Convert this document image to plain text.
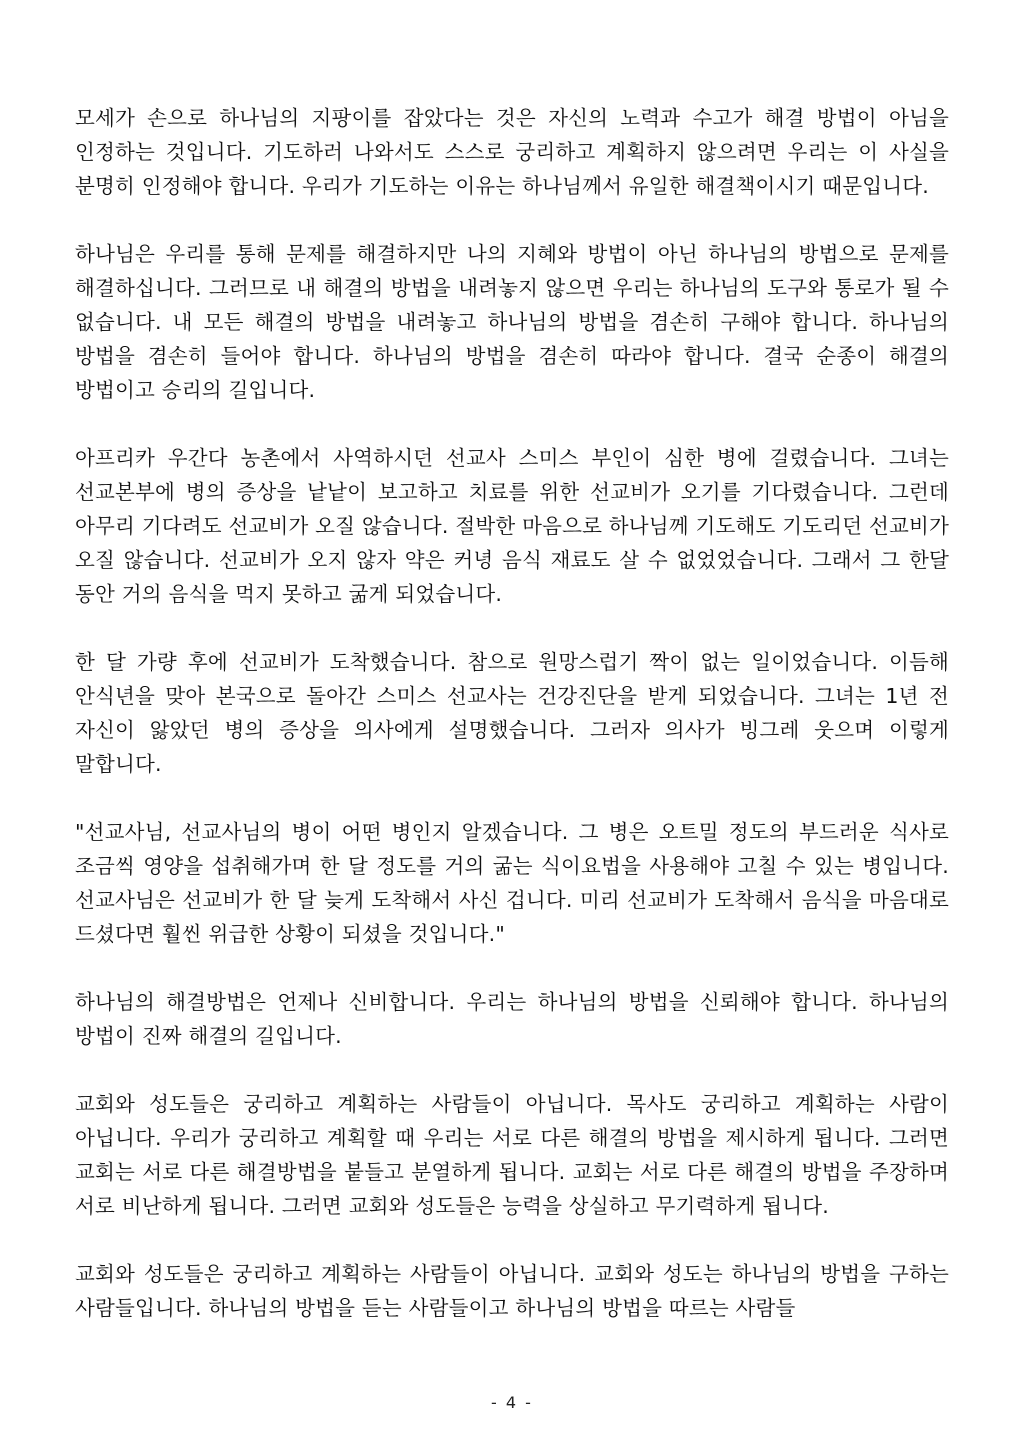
모세가 손으로 하나님의 지팡이를 잡았다는 것은 자신의 노력과 수고가 해결 방법이 아님을 인정하는 것입니다. 기도하러 나와서도 스스로 궁리하고 계획하지 않으려면 우리는 이 사실을 분명히 인정해야 합니다. 우리가 기도하는 이유는 하나님께서 유일한 해결책이시기 때문입니다.

하나님은 우리를 통해 문제를 해결하지만 나의 지혜와 방법이 아닌 하나님의 방법으로 문제를 해결하십니다. 그러므로 내 해결의 방법을 내려놓지 않으면 우리는 하나님의 도구와 통로가 될 수 없습니다. 내 모든 해결의 방법을 내려놓고 하나님의 방법을 겸손히 구해야 합니다. 하나님의 방법을 겸손히 들어야 합니다. 하나님의 방법을 겸손히 따라야 합니다. 결국 순종이 해결의 방법이고 승리의 길입니다.

아프리카 우간다 농촌에서 사역하시던 선교사 스미스 부인이 심한 병에 걸렸습니다. 그녀는 선교본부에 병의 증상을 낱낱이 보고하고 치료를 위한 선교비가 오기를 기다렸습니다. 그런데 아무리 기다려도 선교비가 오질 않습니다. 절박한 마음으로 하나님께 기도해도 기도리던 선교비가 오질 않습니다. 선교비가 오지 않자 약은 커녕 음식 재료도 살 수 없었었습니다. 그래서 그 한달 동안 거의 음식을 먹지 못하고 굶게 되었습니다.

한 달 가량 후에 선교비가 도착했습니다. 참으로 원망스럽기 짝이 없는 일이었습니다. 이듬해 안식년을 맞아 본국으로 돌아간 스미스 선교사는 건강진단을 받게 되었습니다. 그녀는 1년 전 자신이 앓았던 병의 증상을 의사에게 설명했습니다. 그러자 의사가 빙그레 웃으며 이렇게 말합니다.

"선교사님, 선교사님의 병이 어떤 병인지 알겠습니다. 그 병은 오트밀 정도의 부드러운 식사로 조금씩 영양을 섭취해가며 한 달 정도를 거의 굶는 식이요법을 사용해야 고칠 수 있는 병입니다. 선교사님은 선교비가 한 달 늦게 도착해서 사신 겁니다. 미리 선교비가 도착해서 음식을 마음대로 드셨다면 훨씬 위급한 상황이 되셨을 것입니다."

하나님의 해결방법은 언제나 신비합니다. 우리는 하나님의 방법을 신뢰해야 합니다. 하나님의 방법이 진짜 해결의 길입니다.

교회와 성도들은 궁리하고 계획하는 사람들이 아닙니다. 목사도 궁리하고 계획하는 사람이 아닙니다. 우리가 궁리하고 계획할 때 우리는 서로 다른 해결의 방법을 제시하게 됩니다. 그러면 교회는 서로 다른 해결방법을 붙들고 분열하게 됩니다. 교회는 서로 다른 해결의 방법을 주장하며 서로 비난하게 됩니다. 그러면 교회와 성도들은 능력을 상실하고 무기력하게 됩니다.

교회와 성도들은 궁리하고 계획하는 사람들이 아닙니다. 교회와 성도는 하나님의 방법을 구하는 사람들입니다. 하나님의 방법을 듣는 사람들이고 하나님의 방법을 따르는 사람들

- 4 -
